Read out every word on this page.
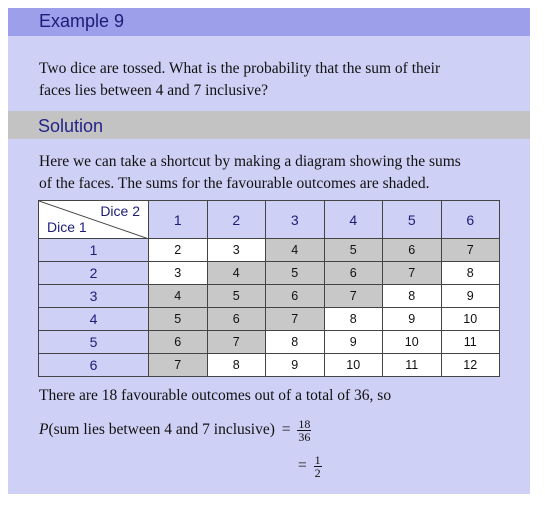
Example 9
Two dice are tossed. What is the probability that the sum of their
faces lies between 4 and 7 inclusive?
Solution
Here we can take a shortcut by making a diagram showing the sums
of the faces. The sums for the favourable outcomes are shaded.
Dice 2
Dice 1	1	2	3	4	5	6
1	2	3	4	5	6	7
2	3	4	5	6	7	8
3	4	5	6	7	8	9
4	5	6	7	8	9	10
5	6	7	8	9	10	11
6	7	8	9	10	11	12
There are 18 favourable outcomes out of a total of 36, so
P(sum lies between 4 and 7 inclusive) = $\frac{18}{36}$
= $\frac{1}{2}$
